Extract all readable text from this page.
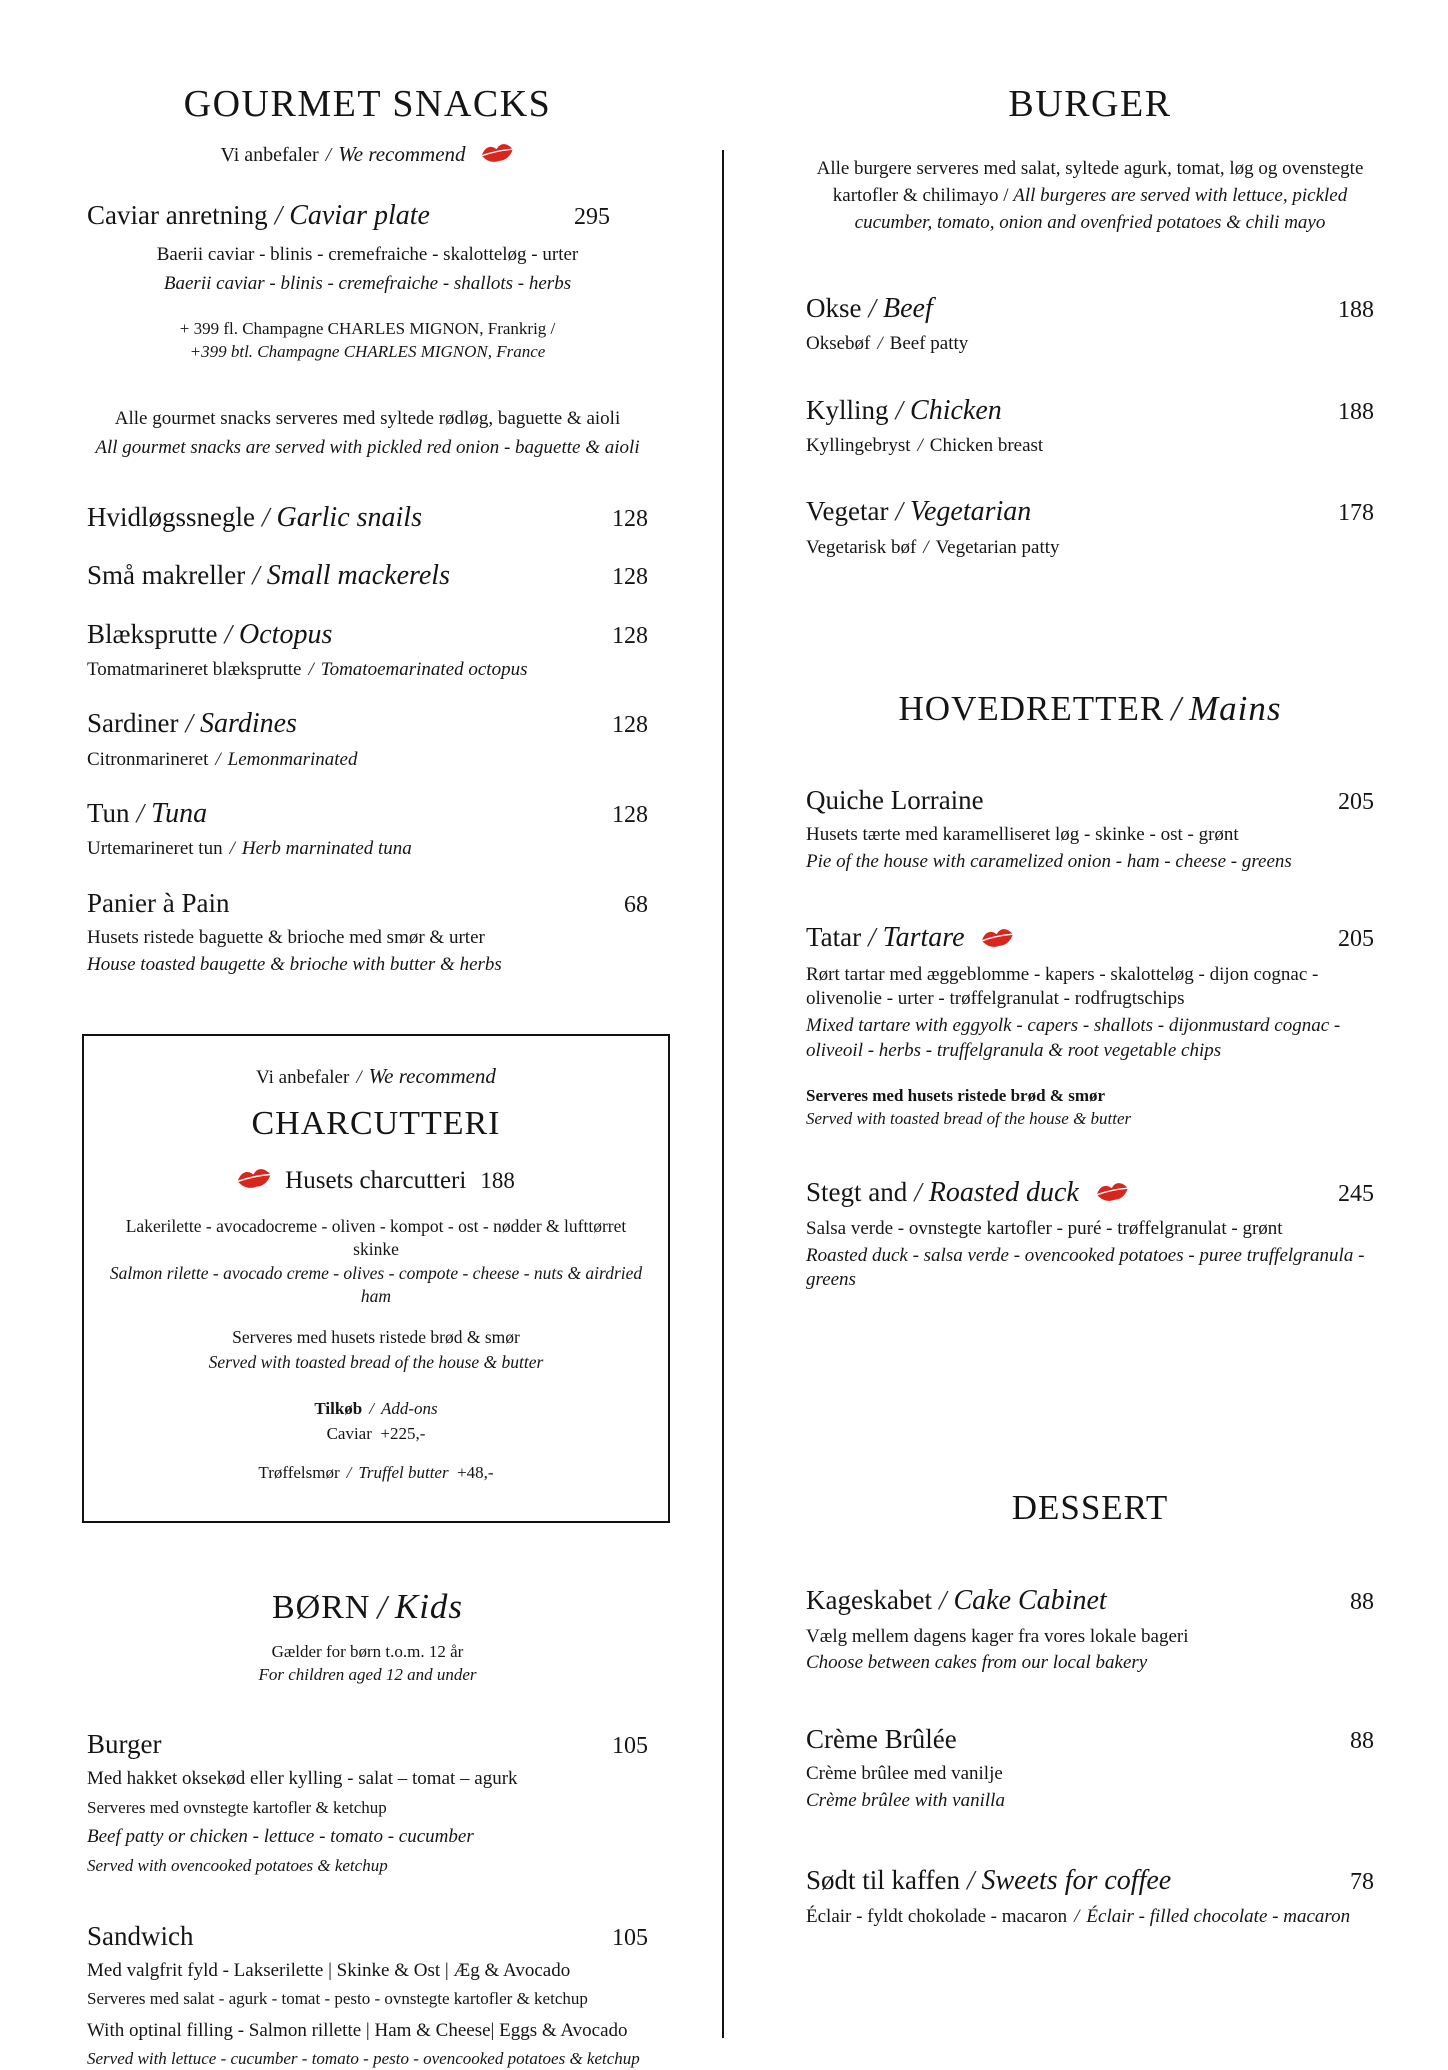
GOURMET SNACKS
Vi anbefaler / We recommend
Caviar anretning / Caviar plate	295
Baerii caviar - blinis - cremefraiche - skalotteløg - urter
Baerii caviar - blinis - cremefraiche - shallots - herbs
+ 399 fl. Champagne CHARLES MIGNON, Frankrig /
+399 btl. Champagne CHARLES MIGNON, France
Alle gourmet snacks serveres med syltede rødløg, baguette & aioli
All gourmet snacks are served with pickled red onion - baguette & aioli
Hvidløgssnegle / Garlic snails	128
Små makreller / Small mackerels	128
Blæksprutte / Octopus	128
Tomatmarineret blæksprutte / Tomatoemarinated octopus
Sardiner / Sardines	128
Citronmarineret / Lemonmarinated
Tun / Tuna	128
Urtemarineret tun / Herb marninated tuna
Panier à Pain	68
Husets ristede baguette & brioche med smør & urter
House toasted baugette & brioche with butter & herbs
Vi anbefaler / We recommend
CHARCUTTERI
Husets charcutteri 188
Lakerilette - avocadocreme - oliven - kompot - ost - nødder & lufttørret skinke
Salmon rilette - avocado creme - olives - compote - cheese - nuts & airdried ham
Serveres med husets ristede brød & smør
Served with toasted bread of the house & butter
Tilkøb / Add-ons
Caviar +225,-
Trøffelsmør / Truffel butter +48,-
BØRN / Kids
Gælder for børn t.o.m. 12 år
For children aged 12 and under
Burger	105
Med hakket oksekød eller kylling - salat – tomat – agurk
Serveres med ovnstegte kartofler & ketchup
Beef patty or chicken - lettuce - tomato - cucumber
Served with ovencooked potatoes & ketchup
Sandwich	105
Med valgfrit fyld - Lakserilette | Skinke & Ost | Æg & Avocado
Serveres med salat - agurk - tomat - pesto - ovnstegte kartofler & ketchup
With optinal filling - Salmon rillette | Ham & Cheese| Eggs & Avocado
Served with lettuce - cucumber - tomato - pesto - ovencooked potatoes & ketchup
BURGER
Alle burgere serveres med salat, syltede agurk, tomat, løg og ovenstegte kartofler & chilimayo / All burgeres are served with lettuce, pickled cucumber, tomato, onion and ovenfried potatoes & chili mayo
Okse / Beef	188
Oksebøf / Beef patty
Kylling / Chicken	188
Kyllingebryst / Chicken breast
Vegetar / Vegetarian	178
Vegetarisk bøf / Vegetarian patty
HOVEDRETTER / Mains
Quiche Lorraine	205
Husets tærte med karamelliseret løg - skinke - ost - grønt
Pie of the house with caramelized onion - ham - cheese - greens
Tatar / Tartare	205
Rørt tartar med æggeblomme - kapers - skalotteløg - dijon cognac - olivenolie - urter - trøffelgranulat - rodfrugtschips
Mixed tartare with eggyolk - capers - shallots - dijonmustard cognac - oliveoil - herbs - truffelgranula & root vegetable chips
Serveres med husets ristede brød & smør
Served with toasted bread of the house & butter
Stegt and / Roasted duck	245
Salsa verde - ovnstegte kartofler - puré - trøffelgranulat - grønt
Roasted duck - salsa verde - ovencooked potatoes - puree truffelgranula - greens
DESSERT
Kageskabet / Cake Cabinet	88
Vælg mellem dagens kager fra vores lokale bageri
Choose between cakes from our local bakery
Crème Brûlée	88
Crème brûlee med vanilje
Crème brûlee with vanilla
Sødt til kaffen / Sweets for coffee	78
Éclair - fyldt chokolade - macaron / Éclair - filled chocolate - macaron
